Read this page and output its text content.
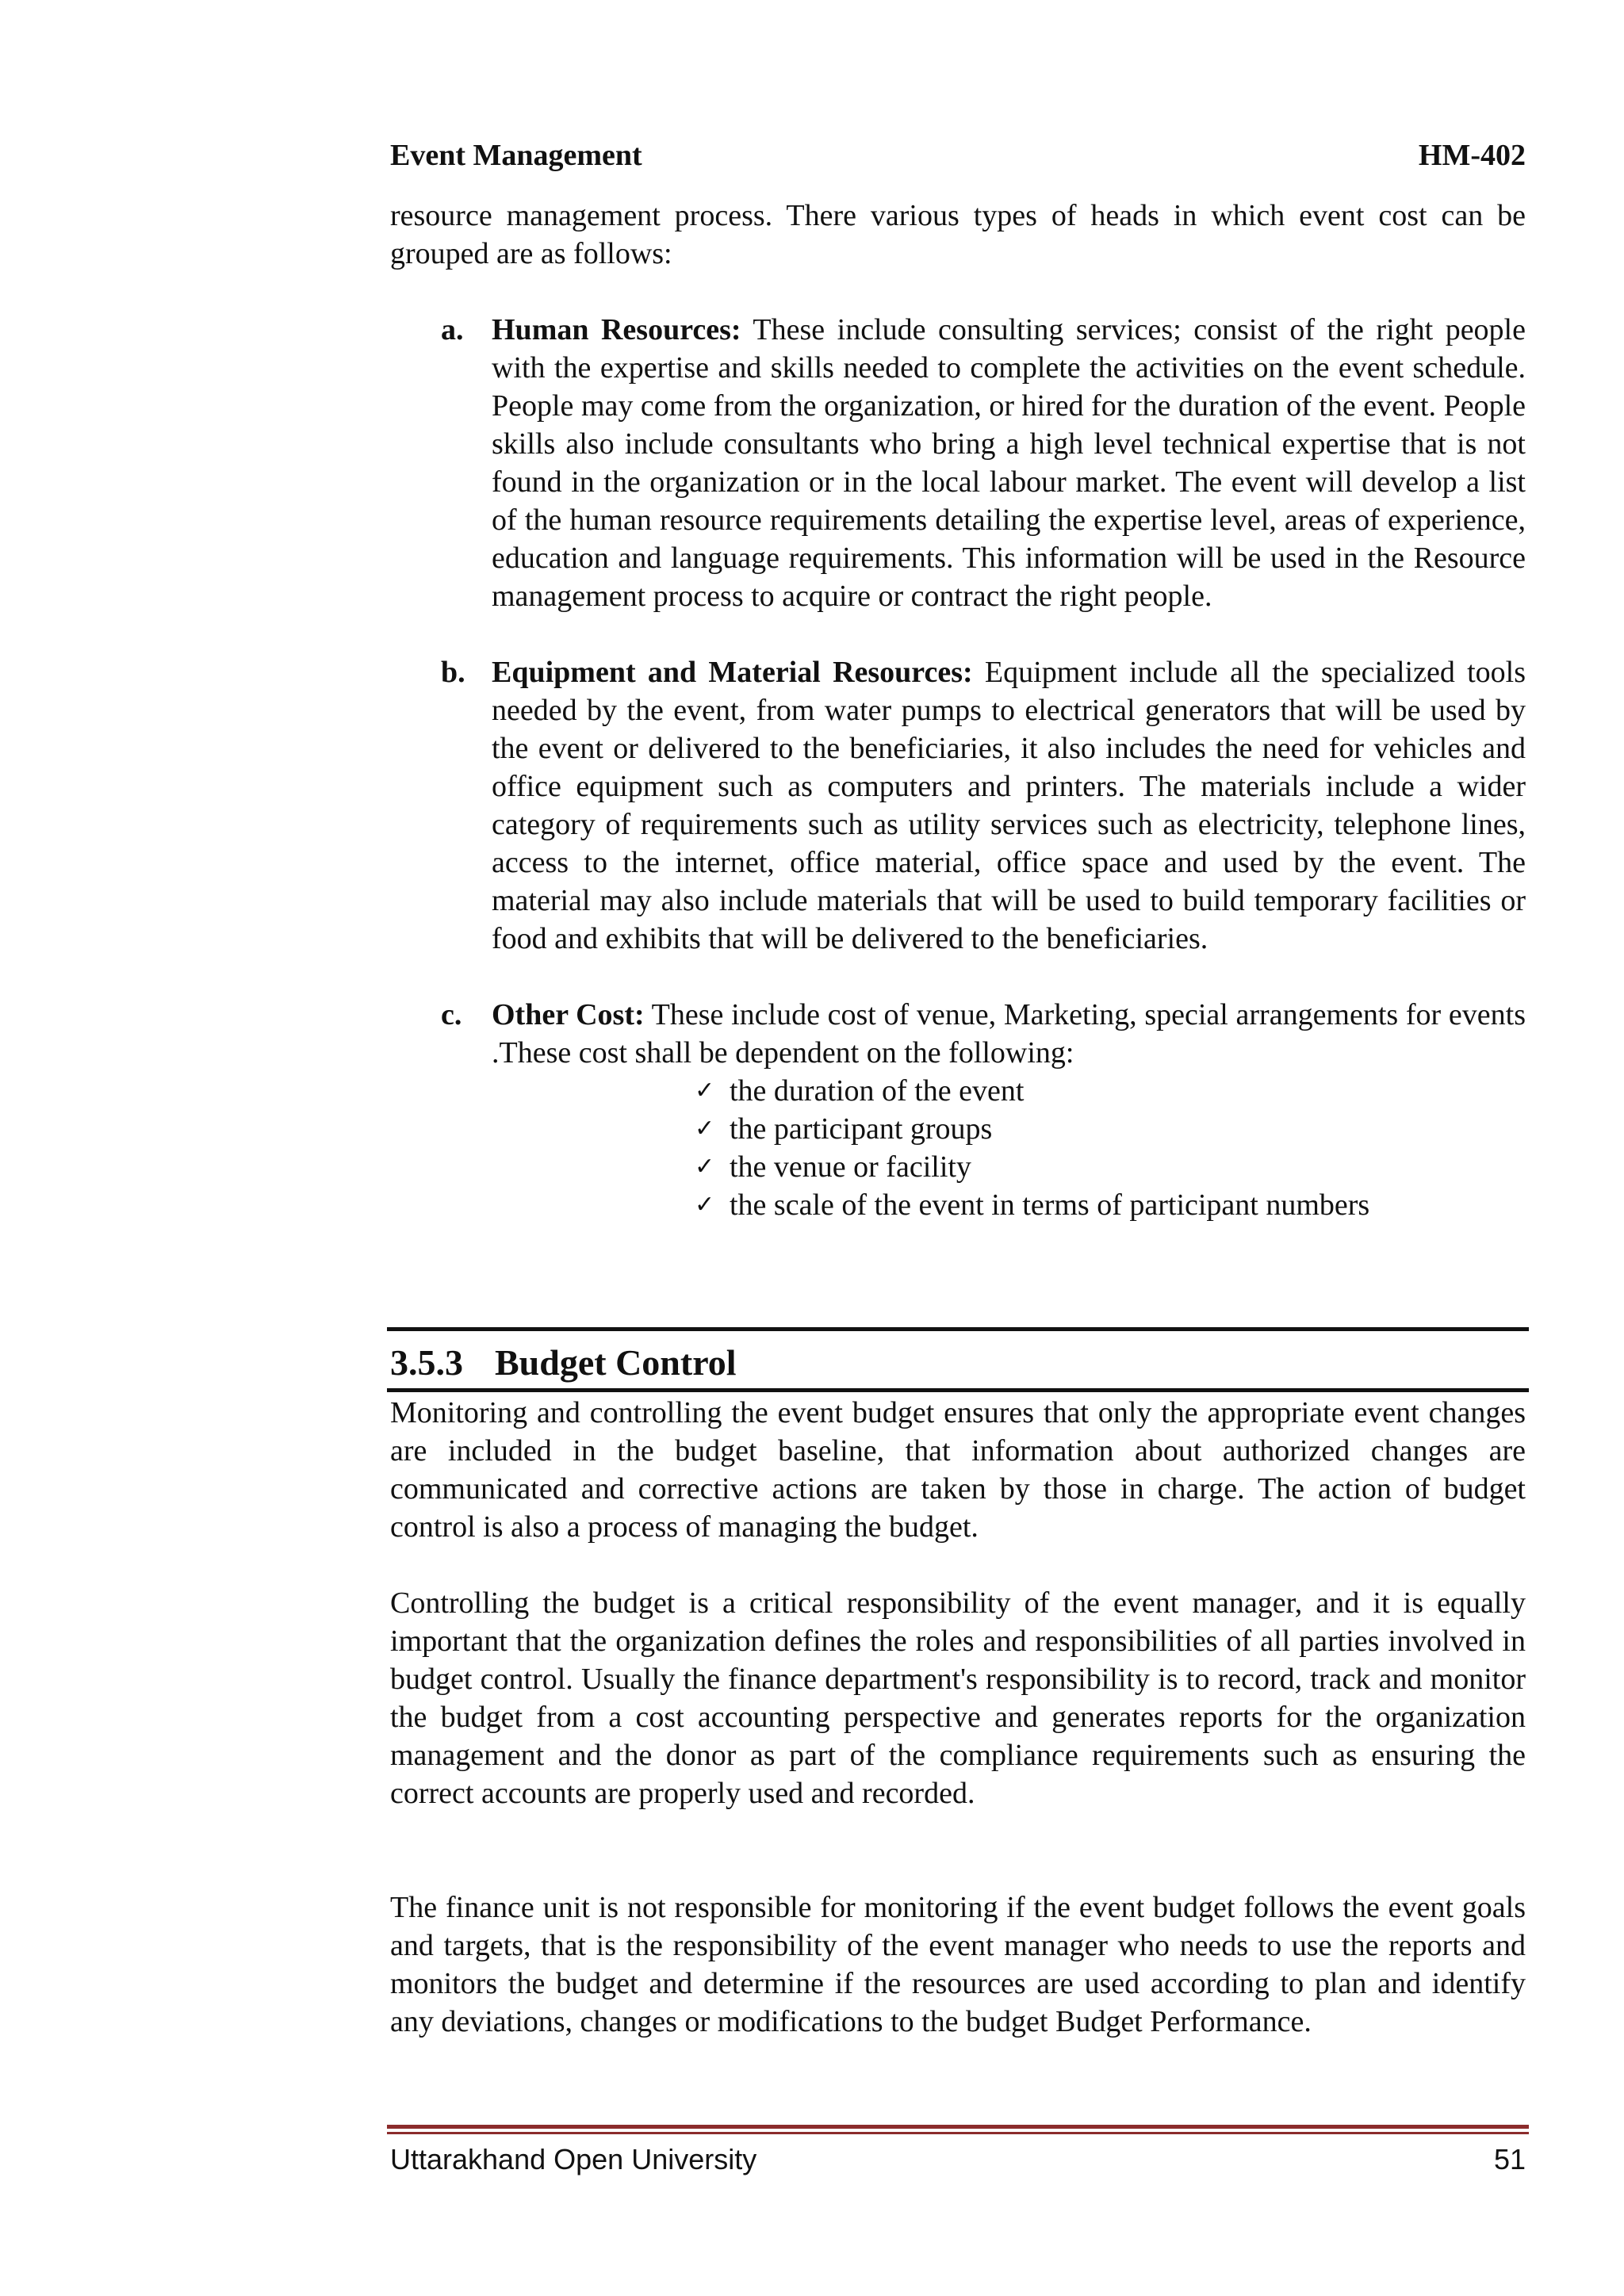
Event Management	HM-402
resource management process. There various types of heads in which event cost can be grouped are as follows:
a. Human Resources: These include consulting services; consist of the right people with the expertise and skills needed to complete the activities on the event schedule. People may come from the organization, or hired for the duration of the event. People skills also include consultants who bring a high level technical expertise that is not found in the organization or in the local labour market. The event will develop a list of the human resource requirements detailing the expertise level, areas of experience, education and language requirements. This information will be used in the Resource management process to acquire or contract the right people.
b. Equipment and Material Resources: Equipment include all the specialized tools needed by the event, from water pumps to electrical generators that will be used by the event or delivered to the beneficiaries, it also includes the need for vehicles and office equipment such as computers and printers. The materials include a wider category of requirements such as utility services such as electricity, telephone lines, access to the internet, office material, office space and used by the event. The material may also include materials that will be used to build temporary facilities or food and exhibits that will be delivered to the beneficiaries.
c. Other Cost: These include cost of venue, Marketing, special arrangements for events .These cost shall be dependent on the following:
✓ the duration of the event
✓ the participant groups
✓ the venue or facility
✓ the scale of the event in terms of participant numbers
3.5.3 Budget Control
Monitoring and controlling the event budget ensures that only the appropriate event changes are included in the budget baseline, that information about authorized changes are communicated and corrective actions are taken by those in charge. The action of budget control is also a process of managing the budget.
Controlling the budget is a critical responsibility of the event manager, and it is equally important that the organization defines the roles and responsibilities of all parties involved in budget control. Usually the finance department's responsibility is to record, track and monitor the budget from a cost accounting perspective and generates reports for the organization management and the donor as part of the compliance requirements such as ensuring the correct accounts are properly used and recorded.
The finance unit is not responsible for monitoring if the event budget follows the event goals and targets, that is the responsibility of the event manager who needs to use the reports and monitors the budget and determine if the resources are used according to plan and identify any deviations, changes or modifications to the budget Budget Performance.
Uttarakhand Open University	51
